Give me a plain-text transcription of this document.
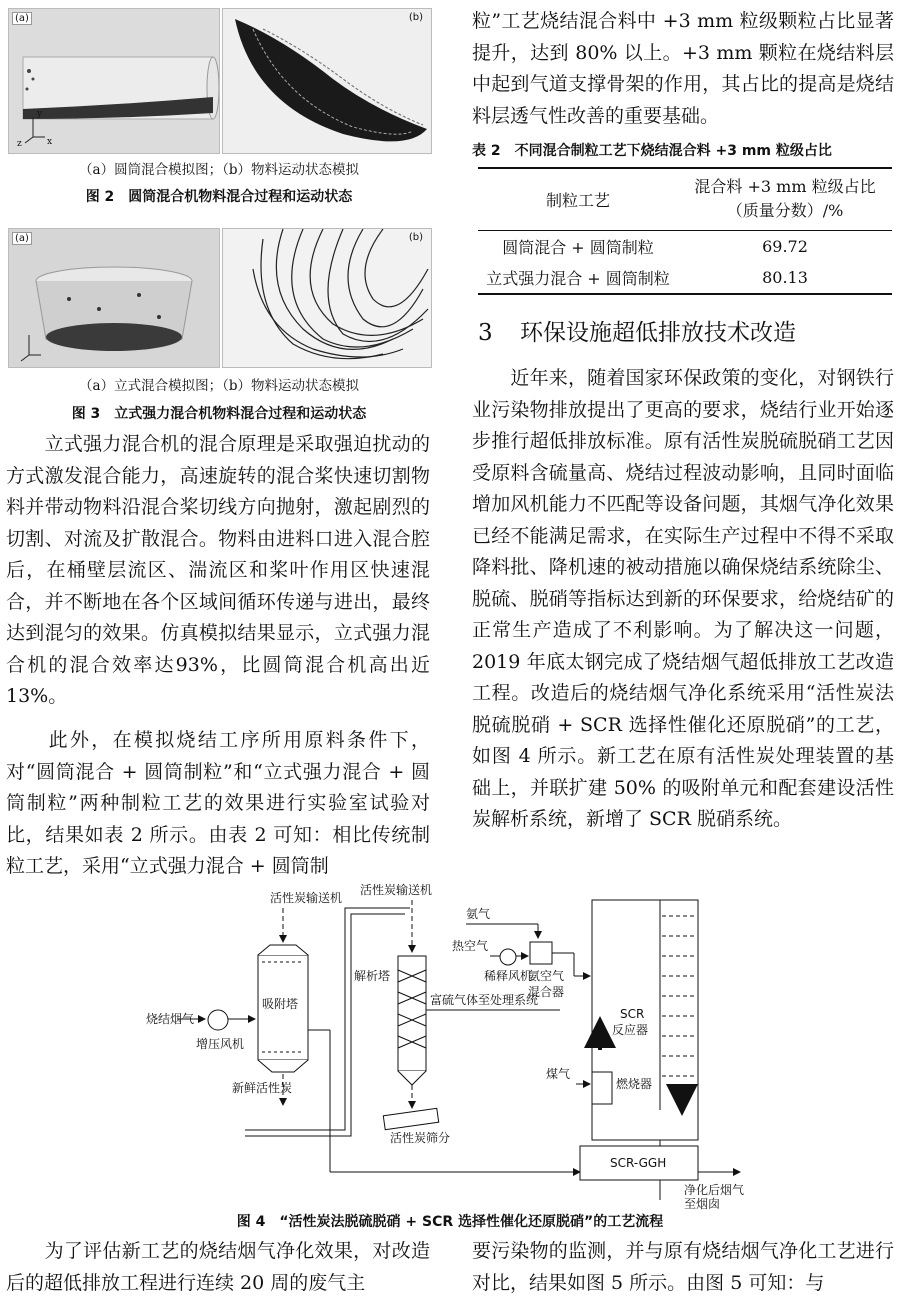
(a)
y
z	x
(b)
（a）圆筒混合模拟图；（b）物料运动状态模拟
图 2　圆筒混合机物料混合过程和运动状态
(a)	(b)
（a）立式混合模拟图；（b）物料运动状态模拟
图 3　立式强力混合机物料混合过程和运动状态
　　立式强力混合机的混合原理是采取强迫扰动的方式激发混合能力，高速旋转的混合桨快速切割物料并带动物料沿混合桨切线方向抛射，激起剧烈的切割、对流及扩散混合。物料由进料口进入混合腔后，在桶壁层流区、湍流区和桨叶作用区快速混合，并不断地在各个区域间循环传递与进出，最终达到混匀的效果。仿真模拟结果显示，立式强力混合机的混合效率达93%，比圆筒混合机高出近 13%。
　　此外，在模拟烧结工序所用原料条件下，对“圆筒混合 + 圆筒制粒”和“立式强力混合 + 圆筒制粒”两种制粒工艺的效果进行实验室试验对比，结果如表 2 所示。由表 2 可知：相比传统制粒工艺，采用“立式强力混合 + 圆筒制
粒”工艺烧结混合料中 +3 mm 粒级颗粒占比显著提升，达到 80% 以上。+3 mm 颗粒在烧结料层中起到气道支撑骨架的作用，其占比的提高是烧结料层透气性改善的重要基础。
表 2　不同混合制粒工艺下烧结混合料 +3 mm 粒级占比
制粒工艺	混合料 +3 mm 粒级占比
（质量分数）/%

圆筒混合 + 圆筒制粒	69.72
立式强力混合 + 圆筒制粒	80.13
3 环保设施超低排放技术改造
　　近年来，随着国家环保政策的变化，对钢铁行业污染物排放提出了更高的要求，烧结行业开始逐步推行超低排放标准。原有活性炭脱硫脱硝工艺因受原料含硫量高、烧结过程波动影响，且同时面临增加风机能力不匹配等设备问题，其烟气净化效果已经不能满足需求，在实际生产过程中不得不采取降料批、降机速的被动措施以确保烧结系统除尘、脱硫、脱硝等指标达到新的环保要求，给烧结矿的正常生产造成了不利影响。为了解决这一问题，2019 年底太钢完成了烧结烟气超低排放工艺改造工程。改造后的烧结烟气净化系统采用“活性炭法脱硫脱硝 + SCR 选择性催化还原脱硝”的工艺，如图 4 所示。新工艺在原有活性炭处理装置的基础上，并联扩建 50% 的吸附单元和配套建设活性炭解析系统，新增了 SCR 脱硝系统。
烧结烟气
增压风机
吸附塔
活性炭输送机
新鲜活性炭
活性炭输送机
解析塔
富硫气体至处理系统
活性炭筛分
氨气
热空气
稀释风机
氨空气
混合器
SCR
反应器
煤气
燃烧器
SCR-GGH
净化后烟气
至烟囱
图 4　“活性炭法脱硫脱硝 + SCR 选择性催化还原脱硝”的工艺流程
　　为了评估新工艺的烧结烟气净化效果，对改造后的超低排放工程进行连续 20 周的废气主
要污染物的监测，并与原有烧结烟气净化工艺进行对比，结果如图 5 所示。由图 5 可知：与
